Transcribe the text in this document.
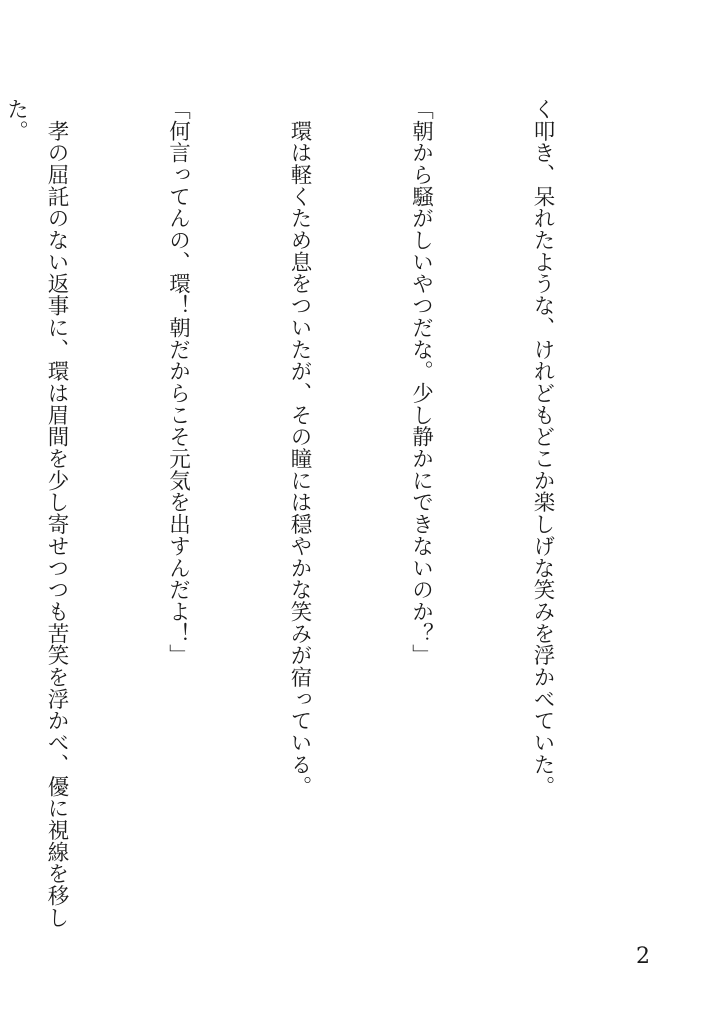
く叩き、呆れたような、けれどもどこか楽しげな笑みを浮かべていた。

「朝から騒がしいやつだな。少し静かにできないのか？」

　環は軽くため息をついたが、その瞳には穏やかな笑みが宿っている。

「何言ってんの、環！朝だからこそ元気を出すんだよ！」

　孝の屈託のない返事に、環は眉間を少し寄せつつも苦笑を浮かべ、優に視線を移した。

2
